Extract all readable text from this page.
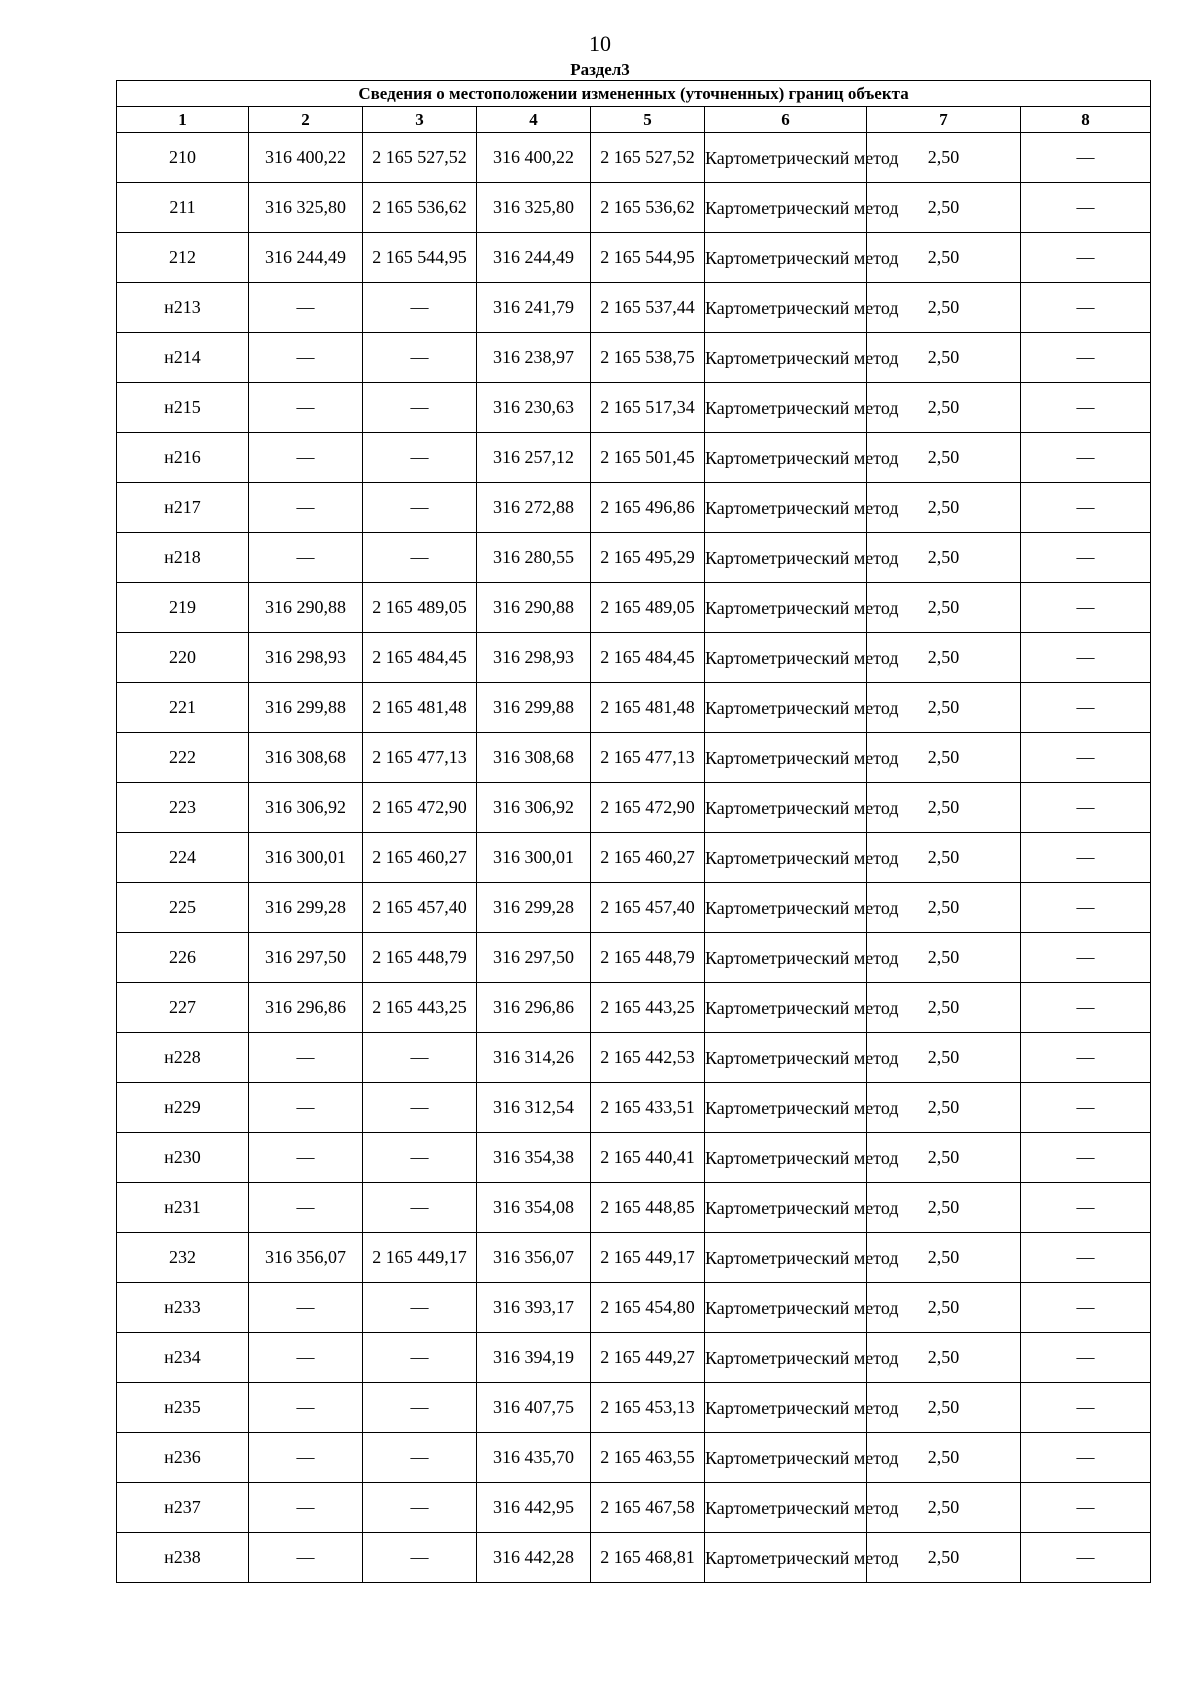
10
Раздел3
Сведения о местоположении измененных (уточненных) границ объекта							
1	2	3	4	5	6	7	8
210	316 400,22	2 165 527,52	316 400,22	2 165 527,52	Картометрический метод	2,50	—
211	316 325,80	2 165 536,62	316 325,80	2 165 536,62	Картометрический метод	2,50	—
212	316 244,49	2 165 544,95	316 244,49	2 165 544,95	Картометрический метод	2,50	—
н213	—	—	316 241,79	2 165 537,44	Картометрический метод	2,50	—
н214	—	—	316 238,97	2 165 538,75	Картометрический метод	2,50	—
н215	—	—	316 230,63	2 165 517,34	Картометрический метод	2,50	—
н216	—	—	316 257,12	2 165 501,45	Картометрический метод	2,50	—
н217	—	—	316 272,88	2 165 496,86	Картометрический метод	2,50	—
н218	—	—	316 280,55	2 165 495,29	Картометрический метод	2,50	—
219	316 290,88	2 165 489,05	316 290,88	2 165 489,05	Картометрический метод	2,50	—
220	316 298,93	2 165 484,45	316 298,93	2 165 484,45	Картометрический метод	2,50	—
221	316 299,88	2 165 481,48	316 299,88	2 165 481,48	Картометрический метод	2,50	—
222	316 308,68	2 165 477,13	316 308,68	2 165 477,13	Картометрический метод	2,50	—
223	316 306,92	2 165 472,90	316 306,92	2 165 472,90	Картометрический метод	2,50	—
224	316 300,01	2 165 460,27	316 300,01	2 165 460,27	Картометрический метод	2,50	—
225	316 299,28	2 165 457,40	316 299,28	2 165 457,40	Картометрический метод	2,50	—
226	316 297,50	2 165 448,79	316 297,50	2 165 448,79	Картометрический метод	2,50	—
227	316 296,86	2 165 443,25	316 296,86	2 165 443,25	Картометрический метод	2,50	—
н228	—	—	316 314,26	2 165 442,53	Картометрический метод	2,50	—
н229	—	—	316 312,54	2 165 433,51	Картометрический метод	2,50	—
н230	—	—	316 354,38	2 165 440,41	Картометрический метод	2,50	—
н231	—	—	316 354,08	2 165 448,85	Картометрический метод	2,50	—
232	316 356,07	2 165 449,17	316 356,07	2 165 449,17	Картометрический метод	2,50	—
н233	—	—	316 393,17	2 165 454,80	Картометрический метод	2,50	—
н234	—	—	316 394,19	2 165 449,27	Картометрический метод	2,50	—
н235	—	—	316 407,75	2 165 453,13	Картометрический метод	2,50	—
н236	—	—	316 435,70	2 165 463,55	Картометрический метод	2,50	—
н237	—	—	316 442,95	2 165 467,58	Картометрический метод	2,50	—
н238	—	—	316 442,28	2 165 468,81	Картометрический метод	2,50	—
